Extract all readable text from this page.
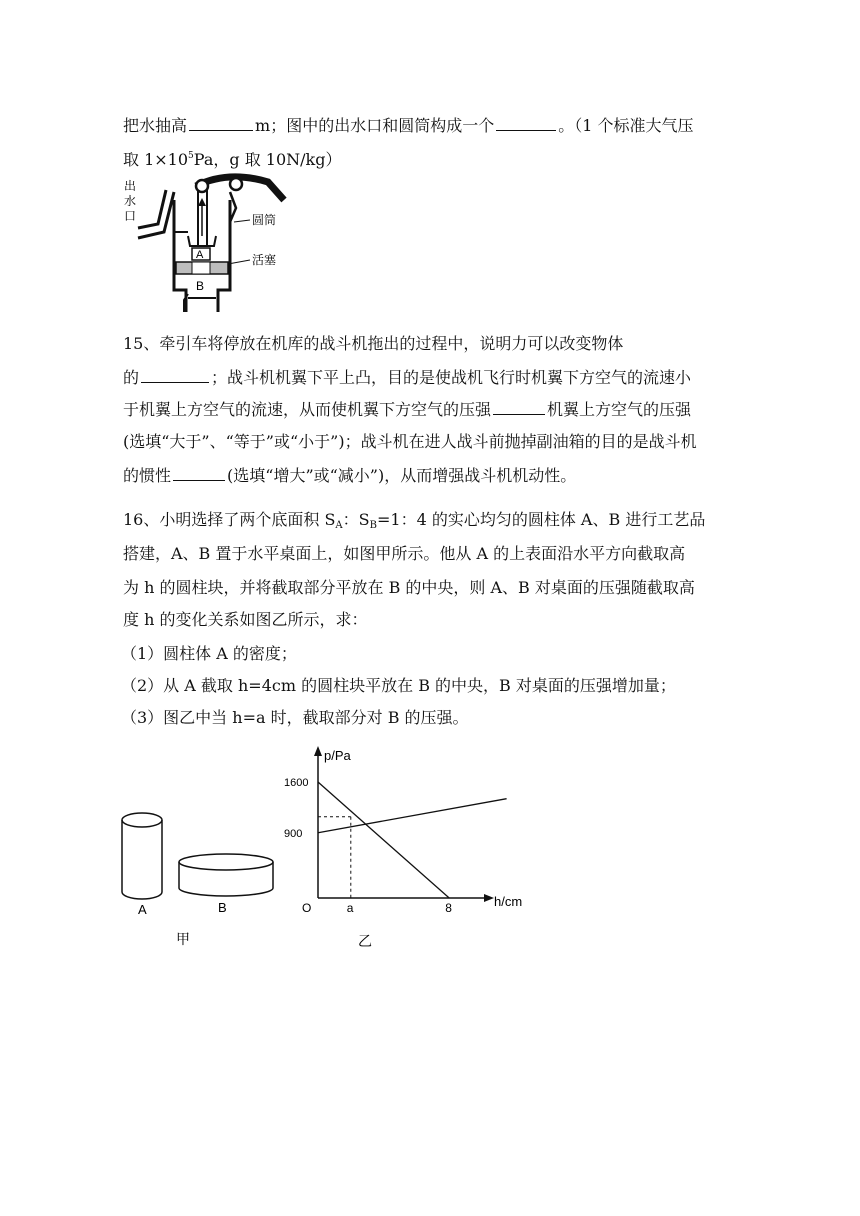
把水抽高	m；图中的出水口和圆筒构成一个	。（1 个标准大气压
取 $1\times 10^5Pa$，g 取 10N/kg）
出
水
口
A
B
圆筒
活塞
15、牵引车将停放在机库的战斗机拖出的过程中，说明力可以改变物体
的	；战斗机机翼下平上凸，目的是使战机飞行时机翼下方空气的流速小
于机翼上方空气的流速，从而使机翼下方空气的压强	机翼上方空气的压强
(选填“大于”、“等于”或“小于”)；战斗机在进人战斗前抛掉副油箱的目的是战斗机
的惯性	(选填“增大”或“减小”)，从而增强战斗机机动性。
16、小明选择了两个底面积 $S_A$：$S_B=1$：4 的实心均匀的圆柱体 A、B 进行工艺品
搭建，A、B 置于水平桌面上，如图甲所示。他从 A 的上表面沿水平方向截取高
为 h 的圆柱块，并将截取部分平放在 B 的中央，则 A、B 对桌面的压强随截取高
度 h 的变化关系如图乙所示，求：
（1）圆柱体 A 的密度；
（2）从 A 截取 h=4cm 的圆柱块平放在 B 的中央，B 对桌面的压强增加量；
（3）图乙中当 h=a 时，截取部分对 B 的压强。
A	B
甲
p/Pa
h/cm
O
900
1600
a	8
乙
